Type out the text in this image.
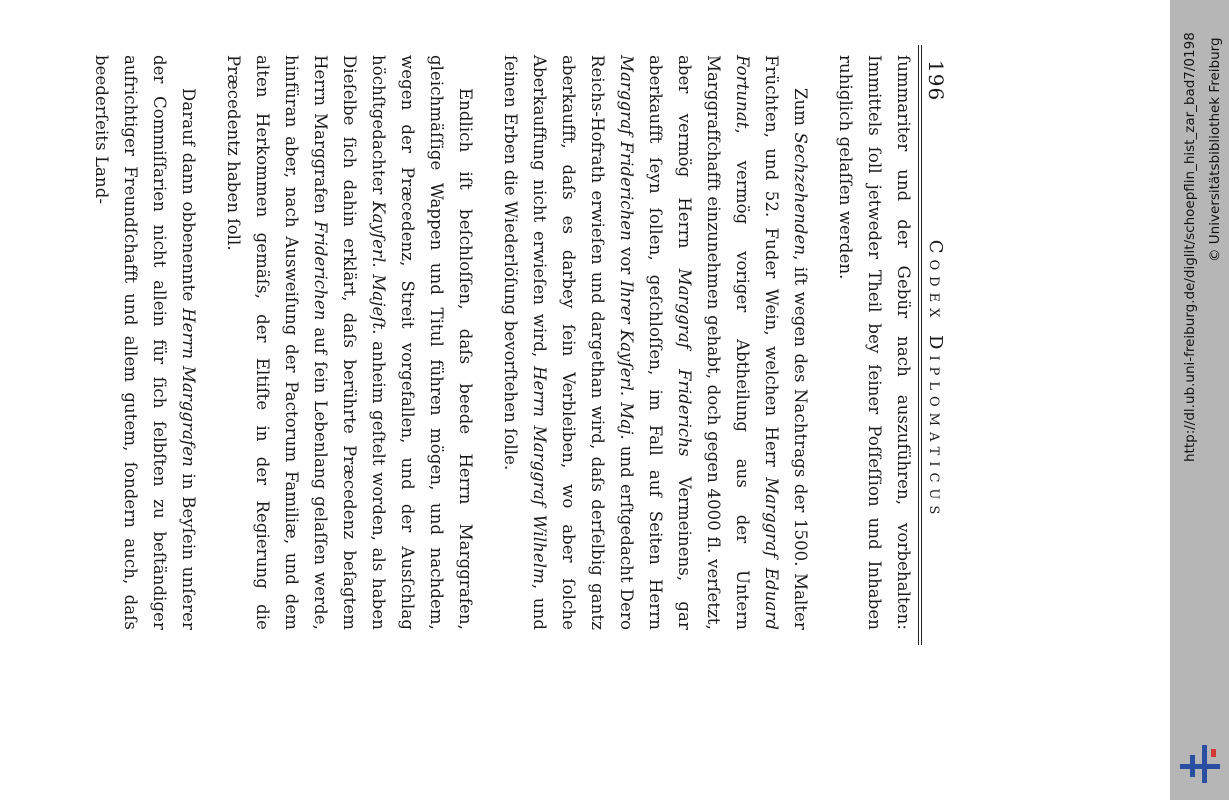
196
Codex Diplomaticus

ſummariter und der Gebür nach auszuführen, vorbehalten: Immittels ſoll jetweder Theil bey ſeiner Poſſeſſion und Inhaben ruhiglich gelaſſen werden.

Zum Sechzehenden, iſt wegen des Nachtrags der 1500. Malter Früchten, und 52. Fuder Wein, welchen Herr Marggraf Eduard Fortunat, vermög voriger Abtheilung aus der Untern Marggraffchafft einzunehmen gehabt, doch gegen 4000 fl. verſetzt, aber vermög Herrn Marggraf Friderichs Vermeinens, gar aberkaufft ſeyn ſollen, geſchloſſen, im Fall auf Seiten Herrn Marggraf Friderichen vor Ihrer Kayſerl. Maj. und erſtgedacht Dero Reichs-Hofrath erwieſen und dargethan wird, daſs derſelbig gantz aberkaufft, daſs es darbey ſein Verbleiben, wo aber ſolche Aberkauffung nicht erwieſen wird, Herrn Marggraf Wilhelm, und ſeinen Erben die Wiederlöſung bevorſtehen ſolle.

Endlich iſt beſchloſſen, daſs beede Herrn Marggrafen, gleichmäſſige Wappen und Titul führen mögen, und nachdem, wegen der Præcedenz, Streit vorgefallen, und der Ausſchlag höchſtgedachter Kayſerl. Majeſt. anheim geſtelt worden, als haben Dieſelbe ſich dahin erklärt, daſs berührte Præcedenz beſagtem Herrn Marggrafen Friderichen auf ſein Lebenlang gelaſſen werde, hinfüran aber, nach Ausweiſung der Pactorum Familiæ, und dem alten Herkommen gemäſs, der Eltiſte in der Regierung die Præcedentz haben ſoll.

Darauf dann obbenennte Herrn Marggrafen in Beyſein unſerer der Commiſſarien nicht allein für ſich ſelbſten zu beſtändiger aufrichtiger Freundſchafft und allem gutem, ſondern auch, daſs beederſeits Land-	http://dl.ub.uni-freiburg.de/diglit/schoepflin_hist_zar_bad7/0198 © Universitätsbibliothek Freiburg
